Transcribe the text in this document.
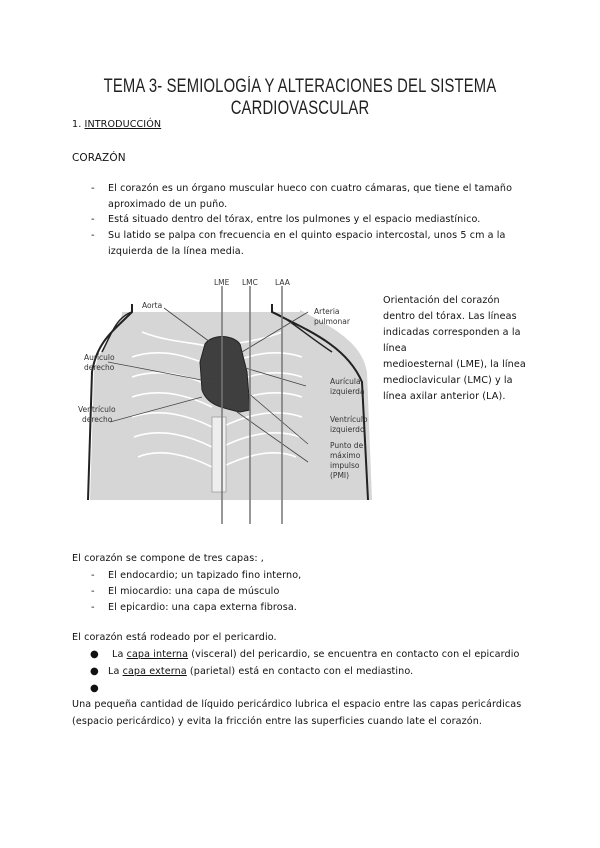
TEMA 3- SEMIOLOGÍA Y ALTERACIONES DEL SISTEMA CARDIOVASCULAR
1. INTRODUCCIÓN
CORAZÓN
- El corazón es un órgano muscular hueco con cuatro cámaras, que tiene el tamaño
aproximado de un puño.
- Está situado dentro del tórax, entre los pulmones y el espacio mediastínico.
- Su latido se palpa con frecuencia en el quinto espacio intercostal, unos 5 cm a la
izquierda de la línea media.
LME LMC LAA
Aorta
Arteria
pulmonar
Aurículo
derecho
Aurícula
izquierda
Ventrículo
derecho	Ventrículo
izquierdo
Punto de
máximo
impulso
(PMI)
Orientación del corazón
dentro del tórax. Las líneas
indicadas corresponden a la
línea
medioesternal (LME), la línea
medioclavicular (LMC) y la
línea axilar anterior (LA).
El corazón se compone de tres capas: ,
- El endocardio; un tapizado fino interno,
- El miocardio: una capa de músculo
- El epicardio: una capa externa fibrosa.
El corazón está rodeado por el pericardio.
● La capa interna (visceral) del pericardio, se encuentra en contacto con el epicardio
● La capa externa (parietal) está en contacto con el mediastino.
●
Una pequeña cantidad de líquido pericárdico lubrica el espacio entre las capas pericárdicas
(espacio pericárdico) y evita la fricción entre las superficies cuando late el corazón.
